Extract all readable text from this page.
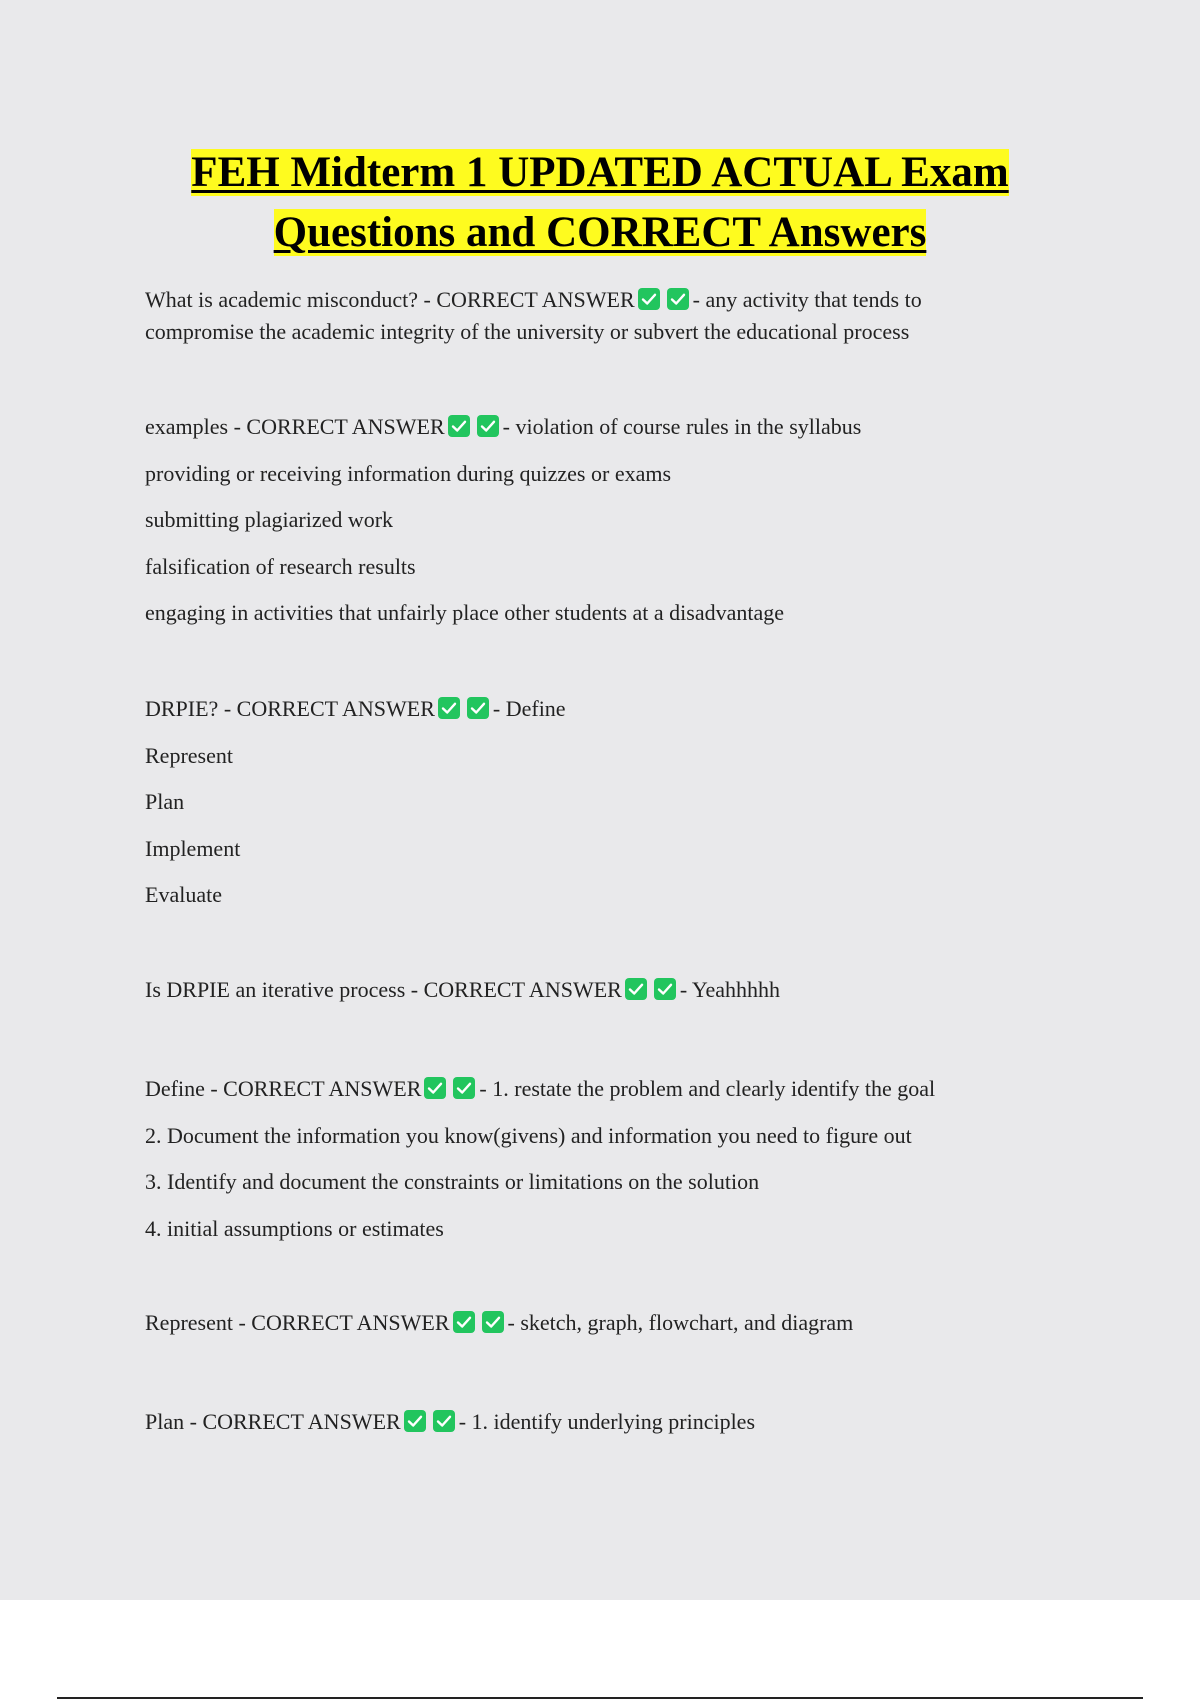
FEH Midterm 1 UPDATED ACTUAL Exam
Questions and CORRECT Answers
What is academic misconduct? - CORRECT ANSWER	- any activity that tends to
compromise the academic integrity of the university or subvert the educational process
examples - CORRECT ANSWER	- violation of course rules in the syllabus
providing or receiving information during quizzes or exams
submitting plagiarized work
falsification of research results
engaging in activities that unfairly place other students at a disadvantage
DRPIE? - CORRECT ANSWER	- Define
Represent
Plan
Implement
Evaluate
Is DRPIE an iterative process - CORRECT ANSWER	- Yeahhhhh
Define - CORRECT ANSWER	- 1. restate the problem and clearly identify the goal
2. Document the information you know(givens) and information you need to figure out
3. Identify and document the constraints or limitations on the solution
4. initial assumptions or estimates
Represent - CORRECT ANSWER	- sketch, graph, flowchart, and diagram
Plan - CORRECT ANSWER	- 1. identify underlying principles
